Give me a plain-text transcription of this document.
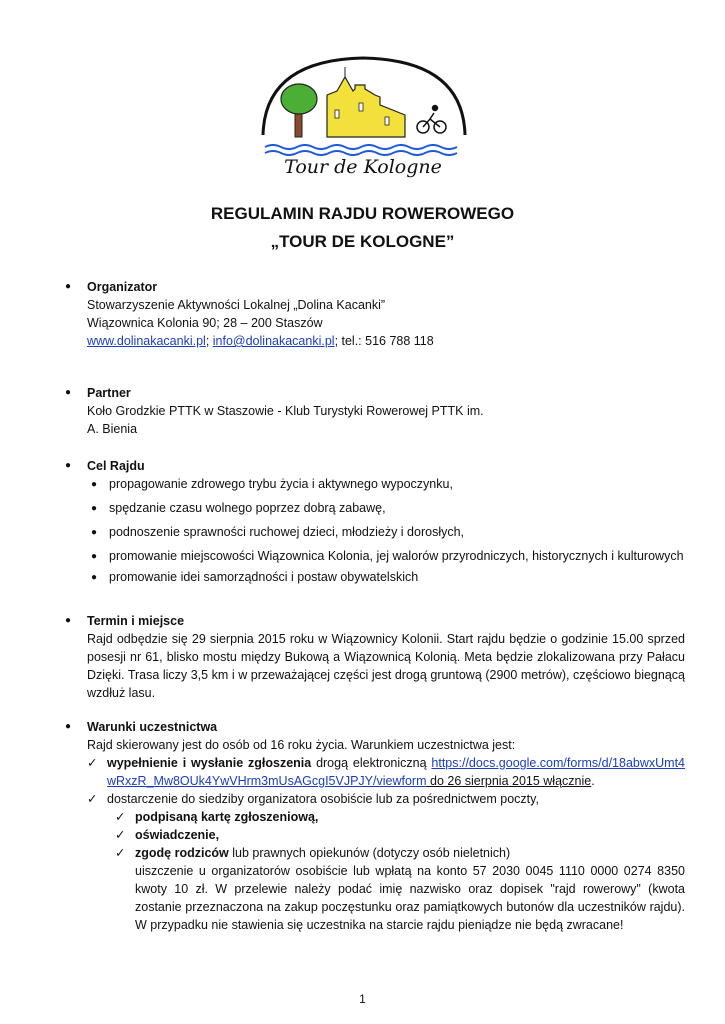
Tour de Kologne
REGULAMIN RAJDU ROWEROWEGO
„TOUR DE KOLOGNE”
● Organizator
Stowarzyszenie Aktywności Lokalnej „Dolina Kacanki”
Wiązownica Kolonia 90; 28 – 200 Staszów
www.dolinakacanki.pl; info@dolinakacanki.pl; tel.: 516 788 118
● Partner
Koło Grodzkie PTTK w Staszowie - Klub Turystyki Rowerowej PTTK im.
A. Bienia
● Cel Rajdu
● propagowanie zdrowego trybu życia i aktywnego wypoczynku,
● spędzanie czasu wolnego poprzez dobrą zabawę,
● podnoszenie sprawności ruchowej dzieci, młodzieży i dorosłych,
● promowanie miejscowości Wiązownica Kolonia, jej walorów przyrodniczych, historycznych i kulturowych
● promowanie idei samorządności i postaw obywatelskich
● Termin i miejsce
Rajd odbędzie się 29 sierpnia 2015 roku w Wiązownicy Kolonii. Start rajdu będzie o godzinie 15.00 sprzed posesji nr 61, blisko mostu między Bukową a Wiązownicą Kolonią. Meta będzie zlokalizowana przy Pałacu Dzięki. Trasa liczy 3,5 km i w przeważającej części jest drogą gruntową (2900 metrów), częściowo biegnącą wzdłuż lasu.
● Warunki uczestnictwa
Rajd skierowany jest do osób od 16 roku życia. Warunkiem uczestnictwa jest:
✓ wypełnienie i wysłanie zgłoszenia drogą elektroniczną https://docs.google.com/forms/d/18abwxUmt4wRxzR_Mw8OUk4YwVHrm3mUsAGcgI5VJPJY/viewform do 26 sierpnia 2015 włącznie.
✓ dostarczenie do siedziby organizatora osobiście lub za pośrednictwem poczty,
✓ podpisaną kartę zgłoszeniową,
✓ oświadczenie,
✓ zgodę rodziców lub prawnych opiekunów (dotyczy osób nieletnich)
uiszczenie u organizatorów osobiście lub wpłatą na konto 57 2030 0045 1110 0000 0274 8350 kwoty 10 zł. W przelewie należy podać imię nazwisko oraz dopisek "rajd rowerowy" (kwota zostanie przeznaczona na zakup poczęstunku oraz pamiątkowych butonów dla uczestników rajdu). W przypadku nie stawienia się uczestnika na starcie rajdu pieniądze nie będą zwracane!
1
